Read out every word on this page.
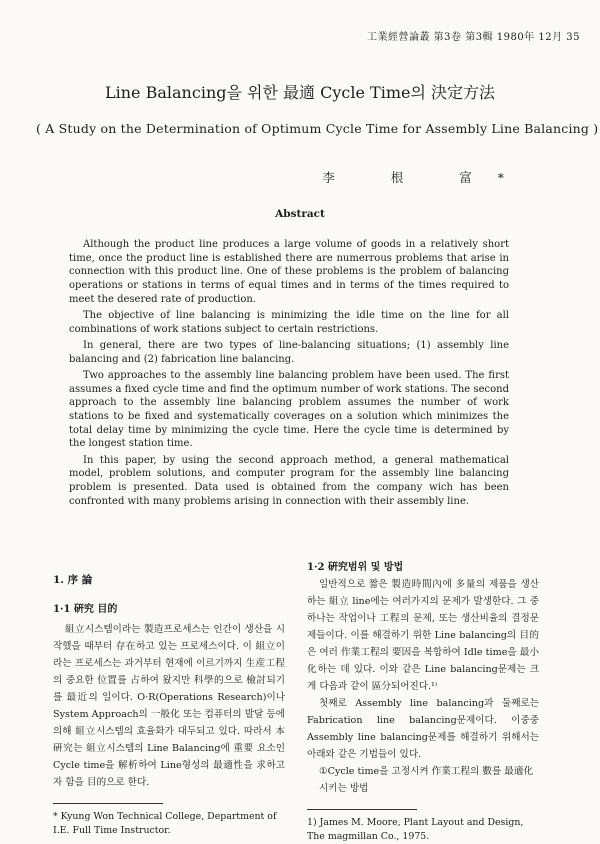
工業經營論叢 第3卷 第3輯 1980年 12月 35
Line Balancing을 위한 最適 Cycle Time의 決定方法
( A Study on the Determination of Optimum Cycle Time for Assembly Line Balancing )
李 根 富*
Abstract

Although the product line produces a large volume of goods in a relatively short time, once the product line is established there are numerrous problems that arise in connection with this product line. One of these problems is the problem of balancing operations or stations in terms of equal times and in terms of the times required to meet the desered rate of production.

The objective of line balancing is minimizing the idle time on the line for all combinations of work stations subject to certain restrictions.

In general, there are two types of line-balancing situations; (1) assembly line balancing and (2) fabrication line balancing.

Two approaches to the assembly line balancing problem have been used. The first assumes a fixed cycle time and find the optimum number of work stations. The second approach to the assembly line balancing problem assumes the number of work stations to be fixed and systematically coverages on a solution which minimizes the total delay time by minimizing the cycle time. Here the cycle time is determined by the longest station time.

In this paper, by using the second approach method, a general mathematical model, problem solutions, and computer program for the assembly line balancing problem is presented. Data used is obtained from the company wich has been confronted with many problems arising in connection with their assembly line.

1. 序 論
1·1 硏究 目的

組立시스템이라는 製造프로세스는 인간이 생산을 시작했을 때부터 存在하고 있는 프로세스이다. 이 組立이라는 프로세스는 과거부터 현재에 이르기까지 生産工程의 중요한 位置를 占하여 왔지만 科學的으로 檢討되기를 最近의 일이다. O·R(Operations Research)이나 System Approach의 一般化 또는 컴퓨터의 발달 등에 의해 組立시스템의 효율화가 대두되고 있다. 따라서 本硏究는 組立시스템의 Line Balancing에 重要 요소인 Cycle time을 解析하여 Line형성의 最適性을 求하고자 함을 目的으로 한다.

* Kyung Won Technical College, Department of I.E. Full Time Instructor.

1·2 硏究범위 및 방법

일반적으로 짧은 製造時間內에 多量의 제품을 생산하는 組立 line에는 여러가지의 문제가 발생한다. 그 중 하나는 작업이나 工程의 문제, 또는 생산비율의 결정문제들이다. 이를 해결하기 위한 Line balancing의 目的은 여러 作業工程의 要因을 복합하여 Idle time을 最小化하는 데 있다. 이와 같은 Line balancing문제는 크게 다음과 같이 區分되어진다.¹⁾

첫째로 Assembly line balancing과 둘째로는 Fabrication line balancing문제이다. 이중중 Assembly line balancing문제를 해결하기 위해서는 아래와 같은 기법들이 있다.

①Cycle time을 고정시켜 作業工程의 數를 最適化시키는 방법

1) James M. Moore, Plant Layout and Design, The magmillan Co., 1975.
